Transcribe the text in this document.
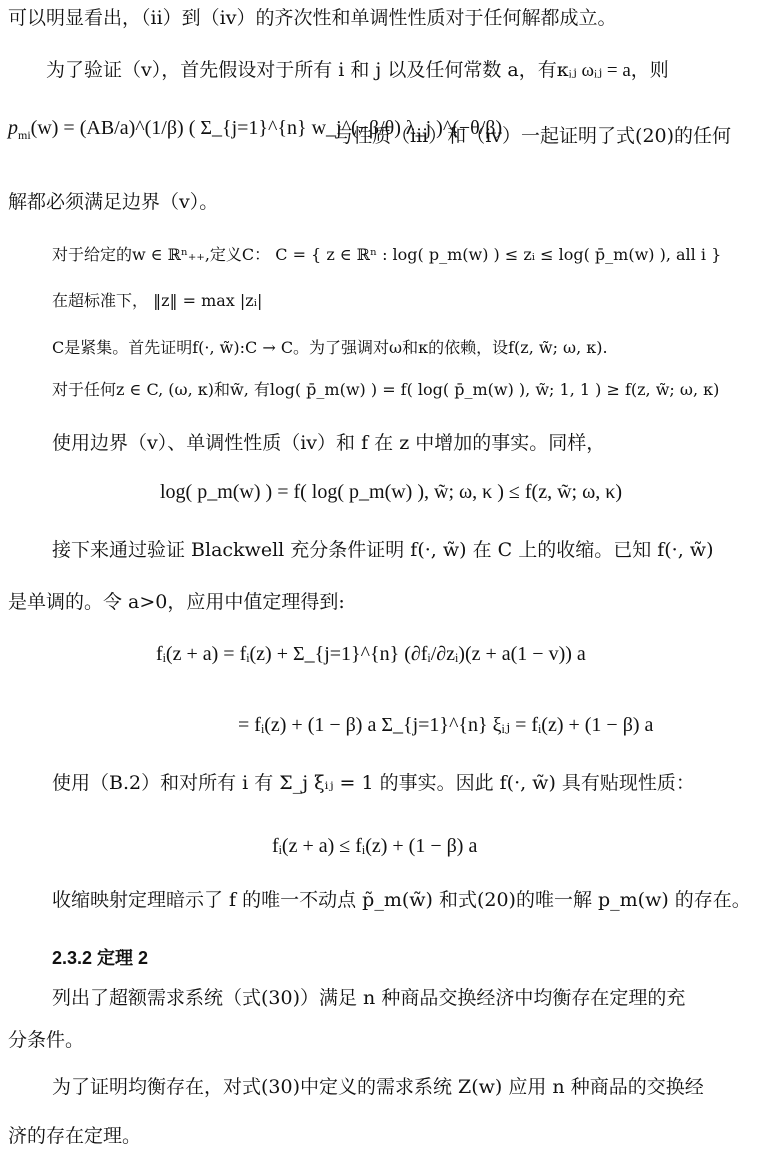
可以明显看出，（ii）到（iv）的齐次性和单调性性质对于任何解都成立。
为了验证（v），首先假设对于所有 i 和 j 以及任何常数 a，有κᵢⱼ ωᵢⱼ = a，则
$p_{mi}(w)$ = (AB/a)^(1/β) ( Σ_{j=1}^{n} w_j^(−β/θ) λ_j )^(−θ/β)
与性质（iii）和（iv）一起证明了式(20)的任何
解都必须满足边界（v）。
对于给定的w ∈ ℝⁿ₊₊,定义C： C = { z ∈ ℝⁿ : log( p_m(w) ) ≤ zᵢ ≤ log( p̄_m(w) ), all i }
在超标准下， ‖z‖ = max |zᵢ|
C是紧集。首先证明f(·, w̃):C → C。为了强调对ω和κ的依赖，设f(z, w̃; ω, κ).
对于任何z ∈ C, (ω, κ)和w̃, 有log( p̄_m(w) ) = f( log( p̄_m(w) ), w̃; 1, 1 ) ≥ f(z, w̃; ω, κ)
使用边界（v）、单调性性质（iv）和 f 在 z 中增加的事实。同样，
log( p_m(w) ) = f( log( p_m(w) ), w̃; ω, κ ) ≤ f(z, w̃; ω, κ)
接下来通过验证 Blackwell 充分条件证明 f(·, w̃) 在 C 上的收缩。已知 f(·, w̃)
是单调的。令 a>0，应用中值定理得到:
fᵢ(z + a) = fᵢ(z) + Σ_{j=1}^{n} (∂fᵢ/∂zᵢ)(z + a(1 − v)) a
= fᵢ(z) + (1 − β) a Σ_{j=1}^{n} ξᵢⱼ = fᵢ(z) + (1 − β) a
使用（B.2）和对所有 i 有 Σ_j ξᵢⱼ = 1 的事实。因此 f(·, w̃) 具有贴现性质：
fᵢ(z + a) ≤ fᵢ(z) + (1 − β) a
收缩映射定理暗示了 f 的唯一不动点 p̃_m(w̃) 和式(20)的唯一解 p_m(w) 的存在。
2.3.2 定理 2
列出了超额需求系统（式(30)）满足 n 种商品交换经济中均衡存在定理的充
分条件。
为了证明均衡存在，对式(30)中定义的需求系统 Z(w) 应用 n 种商品的交换经
济的存在定理。
